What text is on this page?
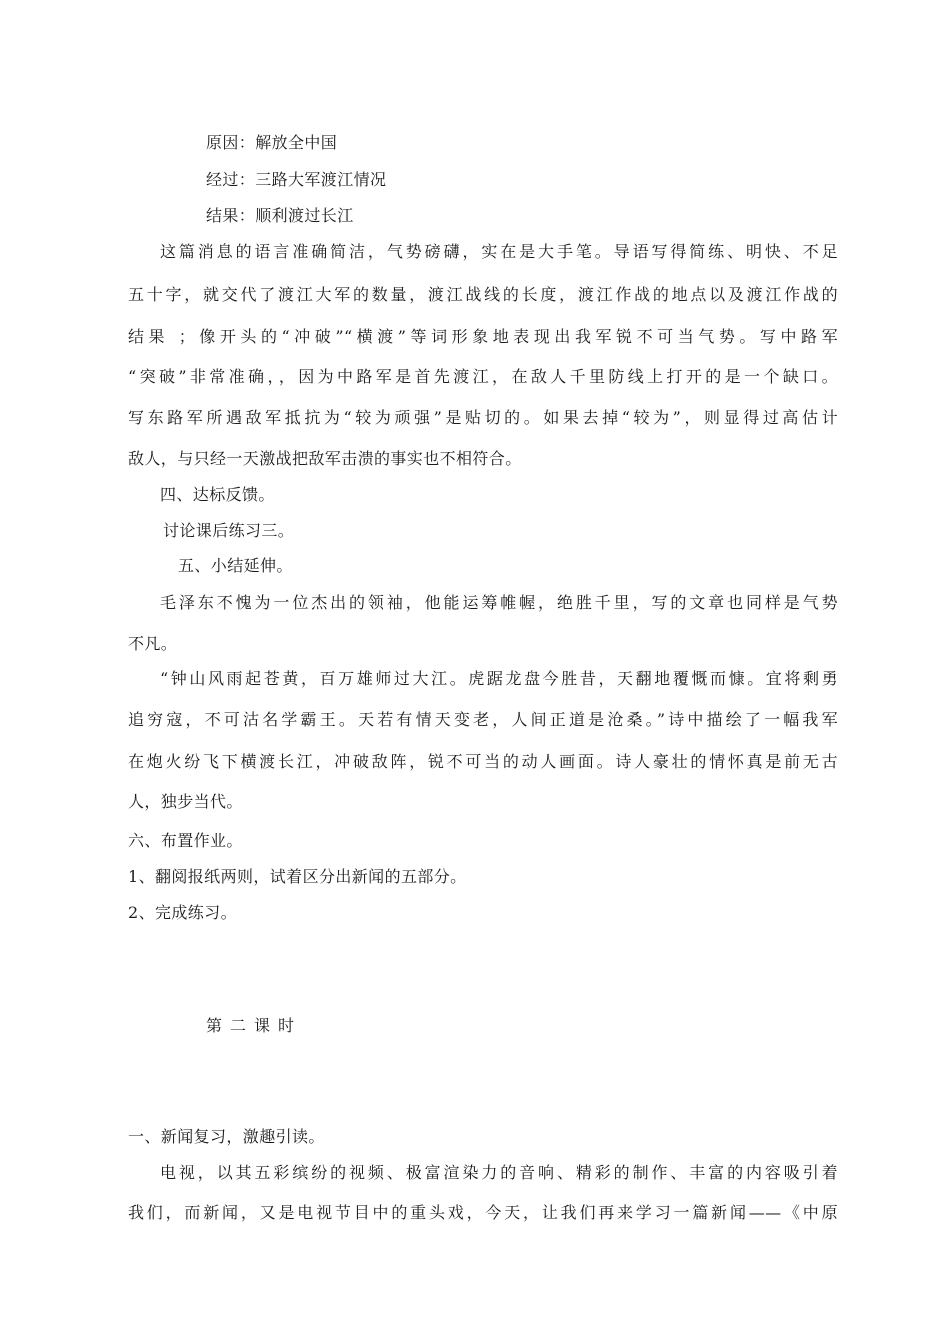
原因：解放全中国
经过：三路大军渡江情况
结果：顺利渡过长江
这篇消息的语言准确简洁，气势磅礴，实在是大手笔。导语写得简练、明快、不足
五十字，就交代了渡江大军的数量，渡江战线的长度，渡江作战的地点以及渡江作战的
结果 ；像开头的“冲破”“横渡”等词形象地表现出我军锐不可当气势。写中路军
“突破”非常准确，，因为中路军是首先渡江，在敌人千里防线上打开的是一个缺口。
写东路军所遇敌军抵抗为“较为顽强”是贴切的。如果去掉“较为”，则显得过高估计
敌人，与只经一天激战把敌军击溃的事实也不相符合。
四、达标反馈。
讨论课后练习三。
五、小结延伸。
毛泽东不愧为一位杰出的领袖，他能运筹帷幄，绝胜千里，写的文章也同样是气势
不凡。
“钟山风雨起苍黄，百万雄师过大江。虎踞龙盘今胜昔，天翻地覆慨而慷。宜将剩勇
追穷寇，不可沽名学霸王。天若有情天变老，人间正道是沧桑。”诗中描绘了一幅我军
在炮火纷飞下横渡长江，冲破敌阵，锐不可当的动人画面。诗人豪壮的情怀真是前无古
人，独步当代。
六、布置作业。
1、翻阅报纸两则，试着区分出新闻的五部分。
2、完成练习。
第二课时
一、新闻复习，激趣引读。
电视，以其五彩缤纷的视频、极富渲染力的音响、精彩的制作、丰富的内容吸引着
我们，而新闻，又是电视节目中的重头戏，今天，让我们再来学习一篇新闻——《中原
